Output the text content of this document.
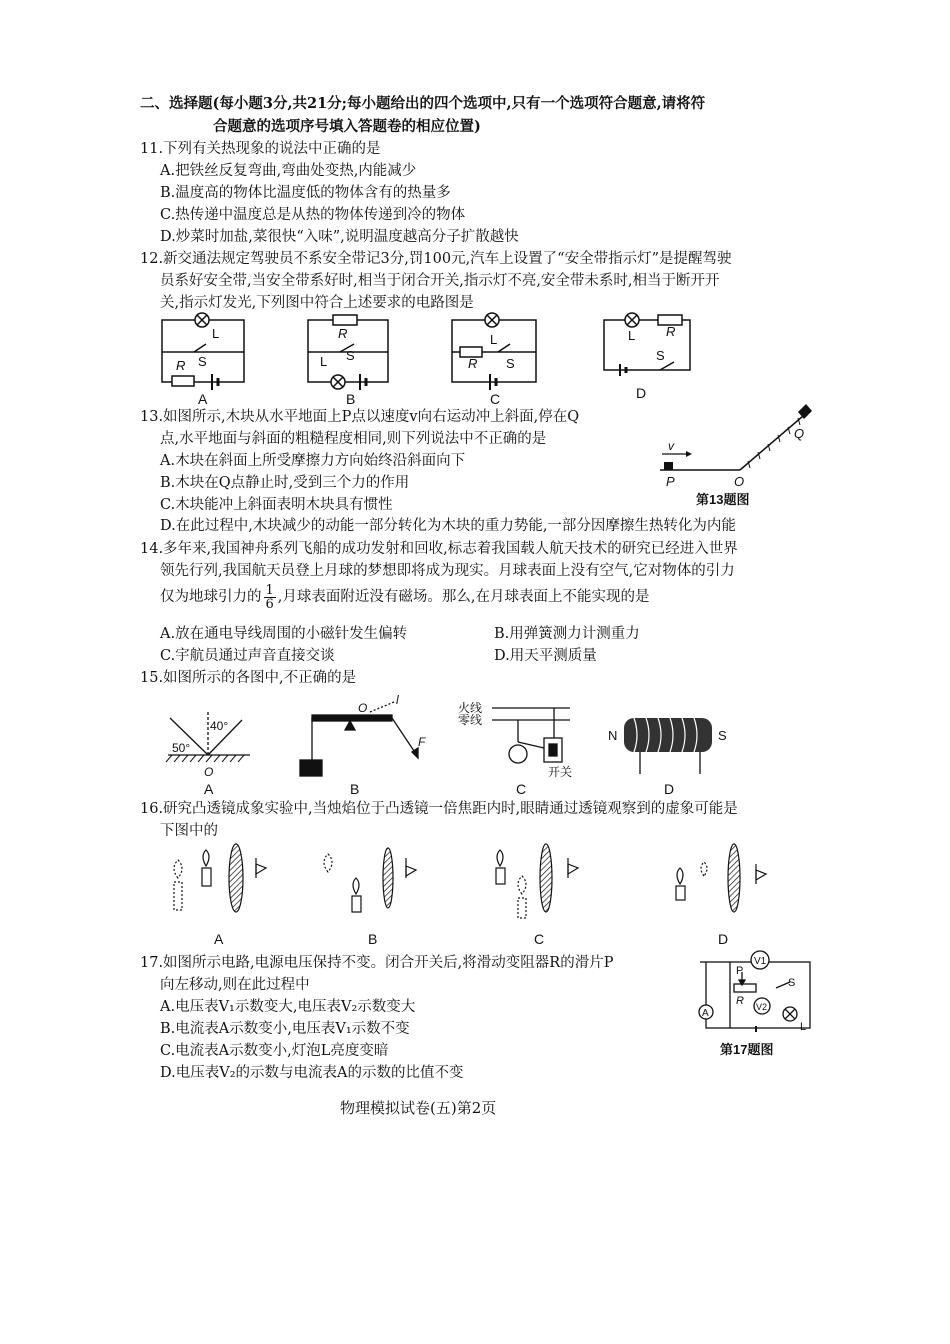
二、选择题(每小题3分,共21分;每小题给出的四个选项中,只有一个选项符合题意,请将符
合题意的选项序号填入答题卷的相应位置)
11.下列有关热现象的说法中正确的是
A.把铁丝反复弯曲,弯曲处变热,内能减少
B.温度高的物体比温度低的物体含有的热量多
C.热传递中温度总是从热的物体传递到冷的物体
D.炒菜时加盐,菜很快“入味”,说明温度越高分子扩散越快
12.新交通法规定驾驶员不系安全带记3分,罚100元,汽车上设置了“安全带指示灯”是提醒驾驶
员系好安全带,当安全带系好时,相当于闭合开关,指示灯不亮,安全带未系时,相当于断开开
关,指示灯发光,下列图中符合上述要求的电路图是
L
S
R
A
R
S
L
B
L
R S
C
L R
S
D
13.如图所示,木块从水平地面上P点以速度v向右运动冲上斜面,停在Q
点,水平地面与斜面的粗糙程度相同,则下列说法中不正确的是
A.木块在斜面上所受摩擦力方向始终沿斜面向下
B.木块在Q点静止时,受到三个力的作用
C.木块能冲上斜面表明木块具有惯性
D.在此过程中,木块减少的动能一部分转化为木块的重力势能,一部分因摩擦生热转化为内能
v
P	O
Q
第13题图
14.多年来,我国神舟系列飞船的成功发射和回收,标志着我国载人航天技术的研究已经进入世界
领先行列,我国航天员登上月球的梦想即将成为现实。月球表面上没有空气,它对物体的引力
仅为地球引力的 $\frac{1}{6}$ ,月球表面附近没有磁场。那么,在月球表面上不能实现的是
A.放在通电导线周围的小磁针发生偏转	B.用弹簧测力计测重力
C.宇航员通过声音直接交谈	D.用天平测质量
15.如图所示的各图中,不正确的是
40°
50°
O
A
O
l
F
B
火线
零线
开关
C
N	S
D
16.研究凸透镜成象实验中,当烛焰位于凸透镜一倍焦距内时,眼睛通过透镜观察到的虚象可能是
下图中的
A	B	C	D
17.如图所示电路,电源电压保持不变。闭合开关后,将滑动变阻器R的滑片P
向左移动,则在此过程中
A.电压表V₁示数变大,电压表V₂示数变大
B.电流表A示数变小,电压表V₁示数不变
C.电流表A示数变小,灯泡L亮度变暗
D.电压表V₂的示数与电流表A的示数的比值不变
V1
A
P
R V2
S
L
第17题图
物理模拟试卷(五)第2页
